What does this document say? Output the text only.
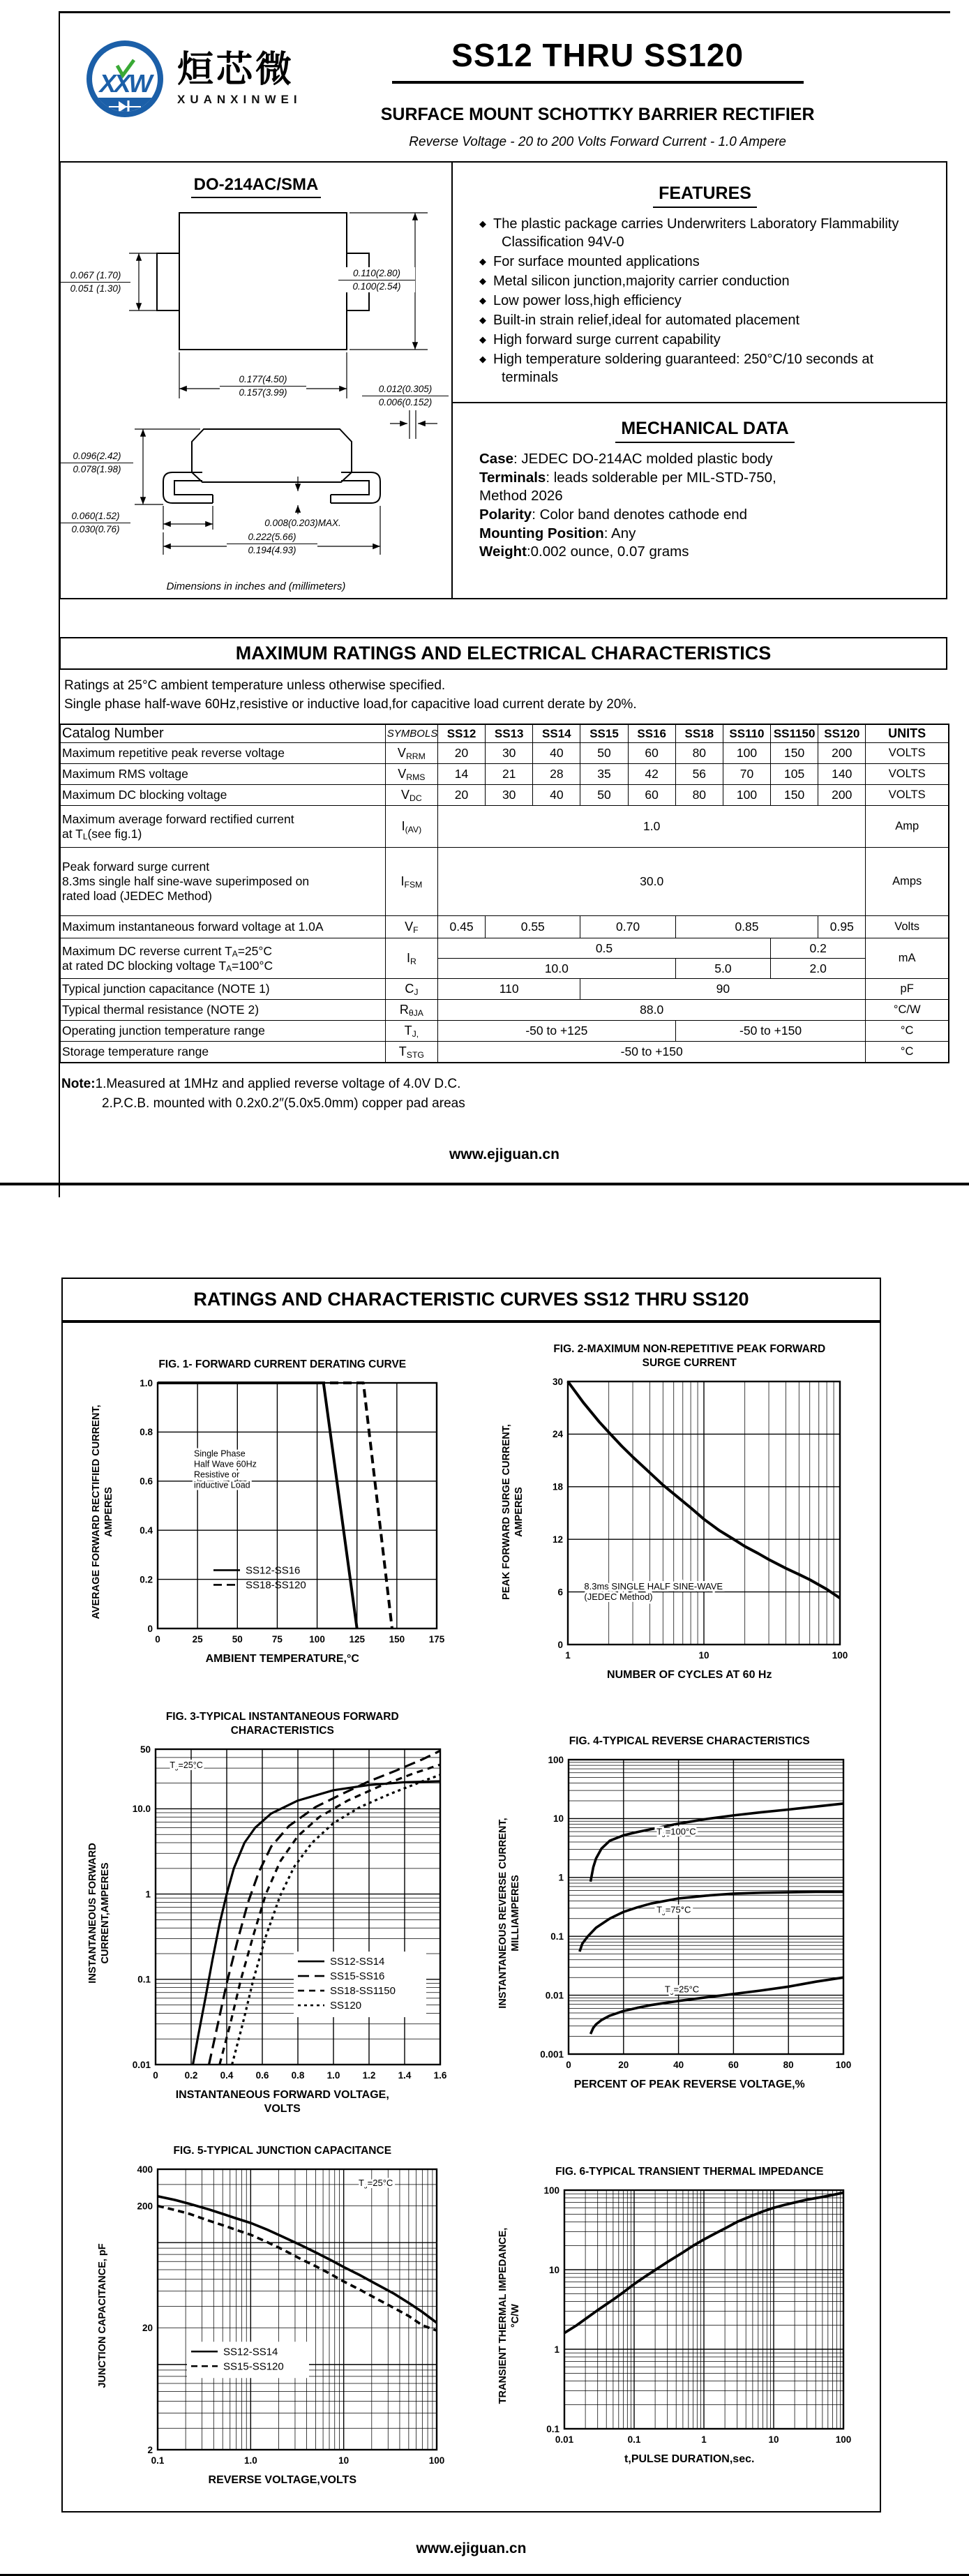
XXW 烜芯微
XUANXINWEI
SS12 THRU SS120
SURFACE MOUNT SCHOTTKY BARRIER RECTIFIER
Reverse Voltage - 20 to 200 Volts Forward Current - 1.0 Ampere
DO-214AC/SMA
0.067 (1.70)
0.051 (1.30)
0.110(2.80)
0.100(2.54)
0.177(4.50)
0.157(3.99)	0.012(0.305)
0.006(0.152)
0.096(2.42)
0.078(1.98)
0.060(1.52)
0.030(0.76)
0.008(0.203)MAX.
0.222(5.66)
0.194(4.93)
Dimensions in inches and (millimeters)
FEATURES
◆ The plastic package carries Underwriters Laboratory Flammability Classification 94V-0
◆ For surface mounted applications
◆ Metal silicon junction,majority carrier conduction
◆ Low power loss,high efficiency
◆ Built-in strain relief,ideal for automated placement
◆ High forward surge current capability
◆ High temperature soldering guaranteed: 250°C/10 seconds at terminals
MECHANICAL DATA

Case: JEDEC DO-214AC molded plastic body

Terminals: leads solderable per MIL-STD-750,

Method 2026

Polarity: Color band denotes cathode end

Mounting Position: Any

Weight:0.002 ounce, 0.07 grams

MAXIMUM RATINGS AND ELECTRICAL CHARACTERISTICS
Ratings at 25°C ambient temperature unless otherwise specified.
Single phase half-wave 60Hz,resistive or inductive load,for capacitive load current derate by 20%.
Catalog Number	SYMBOLS	SS12	SS13	SS14	SS15	SS16	SS18	SS110	SS1150	SS120	UNITS

Maximum repetitive peak reverse voltage	VRRM	20	30	40	50	60	80	100	150	200	VOLTS

Maximum RMS voltage	VRMS	14	21	28	35	42	56	70	105	140	VOLTS

Maximum DC blocking voltage	VDC	20	30	40	50	60	80	100	150	200	VOLTS

Maximum average forward rectified current
at TL(see fig.1)	I(AV)	1.0									Amp

Peak forward surge current
8.3ms single half sine-wave superimposed on
rated load (JEDEC Method)	IFSM	30.0									Amps

Maximum instantaneous forward voltage at 1.0A	VF	0.45	0.55		0.70		0.85			0.95	Volts

Maximum DC reverse current TA=25°C
at rated DC blocking voltage TA=100°C	IR	0.5							0.2		mA
		10.0					5.0		2.0		

Typical junction capacitance (NOTE 1)	CJ	110			90						pF

Typical thermal resistance (NOTE 2)	RθJA	88.0									°C/W

Operating junction temperature range	TJ,	-50 to +125					-50 to +150				°C

Storage temperature range	TSTG	-50 to +150									°C
Note:1.Measured at 1MHz and applied reverse voltage of 4.0V D.C.
2.P.C.B. mounted with 0.2x0.2″(5.0x5.0mm) copper pad areas
www.ejiguan.cn
RATINGS AND CHARACTERISTIC CURVES SS12 THRU SS120
AVERAGE FORWARD RECTIFIED CURRENT, AMPERES
FIG. 1- FORWARD CURRENT DERATING CURVE
0	25	50	75	100	125	150	175
0
0.2
0.4
0.6
0.8
1.0
Single Phase
Half Wave 60Hz
Resistive or
inductive Load
SS12-SS16
SS18-SS120
AMBIENT TEMPERATURE,°C
PEAK FORWARD SURGE CURRENT, AMPERES
FIG. 2-MAXIMUM NON-REPETITIVE PEAK FORWARD
SURGE CURRENT
1	10	100
0
6
12
18
24
30
8.3ms SINGLE HALF SINE-WAVE
(JEDEC Method)
NUMBER OF CYCLES AT 60 Hz
INSTANTANEOUS FORWARD CURRENT,AMPERES
FIG. 3-TYPICAL INSTANTANEOUS FORWARD
CHARACTERISTICS
0	0.2 0.4 0.6 0.8 1.0 1.2 1.4 1.6
0.01
0.1
1
10.0
50
$T_J=25^\circ C$
SS12-SS14
SS15-SS16
SS18-SS1150
SS120
INSTANTANEOUS FORWARD VOLTAGE,
VOLTS
INSTANTANEOUS REVERSE CURRENT, MILLIAMPERES
FIG. 4-TYPICAL REVERSE CHARACTERISTICS
0	20	40	60	80	100
0.001
0.01
0.1
1
10
100
$T_J=100^\circ C$
$T_J=75^\circ C$
$T_J=25^\circ C$
PERCENT OF PEAK REVERSE VOLTAGE,%
JUNCTION CAPACITANCE, pF
FIG. 5-TYPICAL JUNCTION CAPACITANCE
0.1	1.0	10	100
2
20
200
400
$T_J=25^\circ C$
SS12-SS14
SS15-SS120
REVERSE VOLTAGE,VOLTS
TRANSIENT THERMAL IMPEDANCE, °C/W
FIG. 6-TYPICAL TRANSIENT THERMAL IMPEDANCE
0.01	0.1	1	10	100
0.1
1
10
100
t,PULSE DURATION,sec.
www.ejiguan.cn
